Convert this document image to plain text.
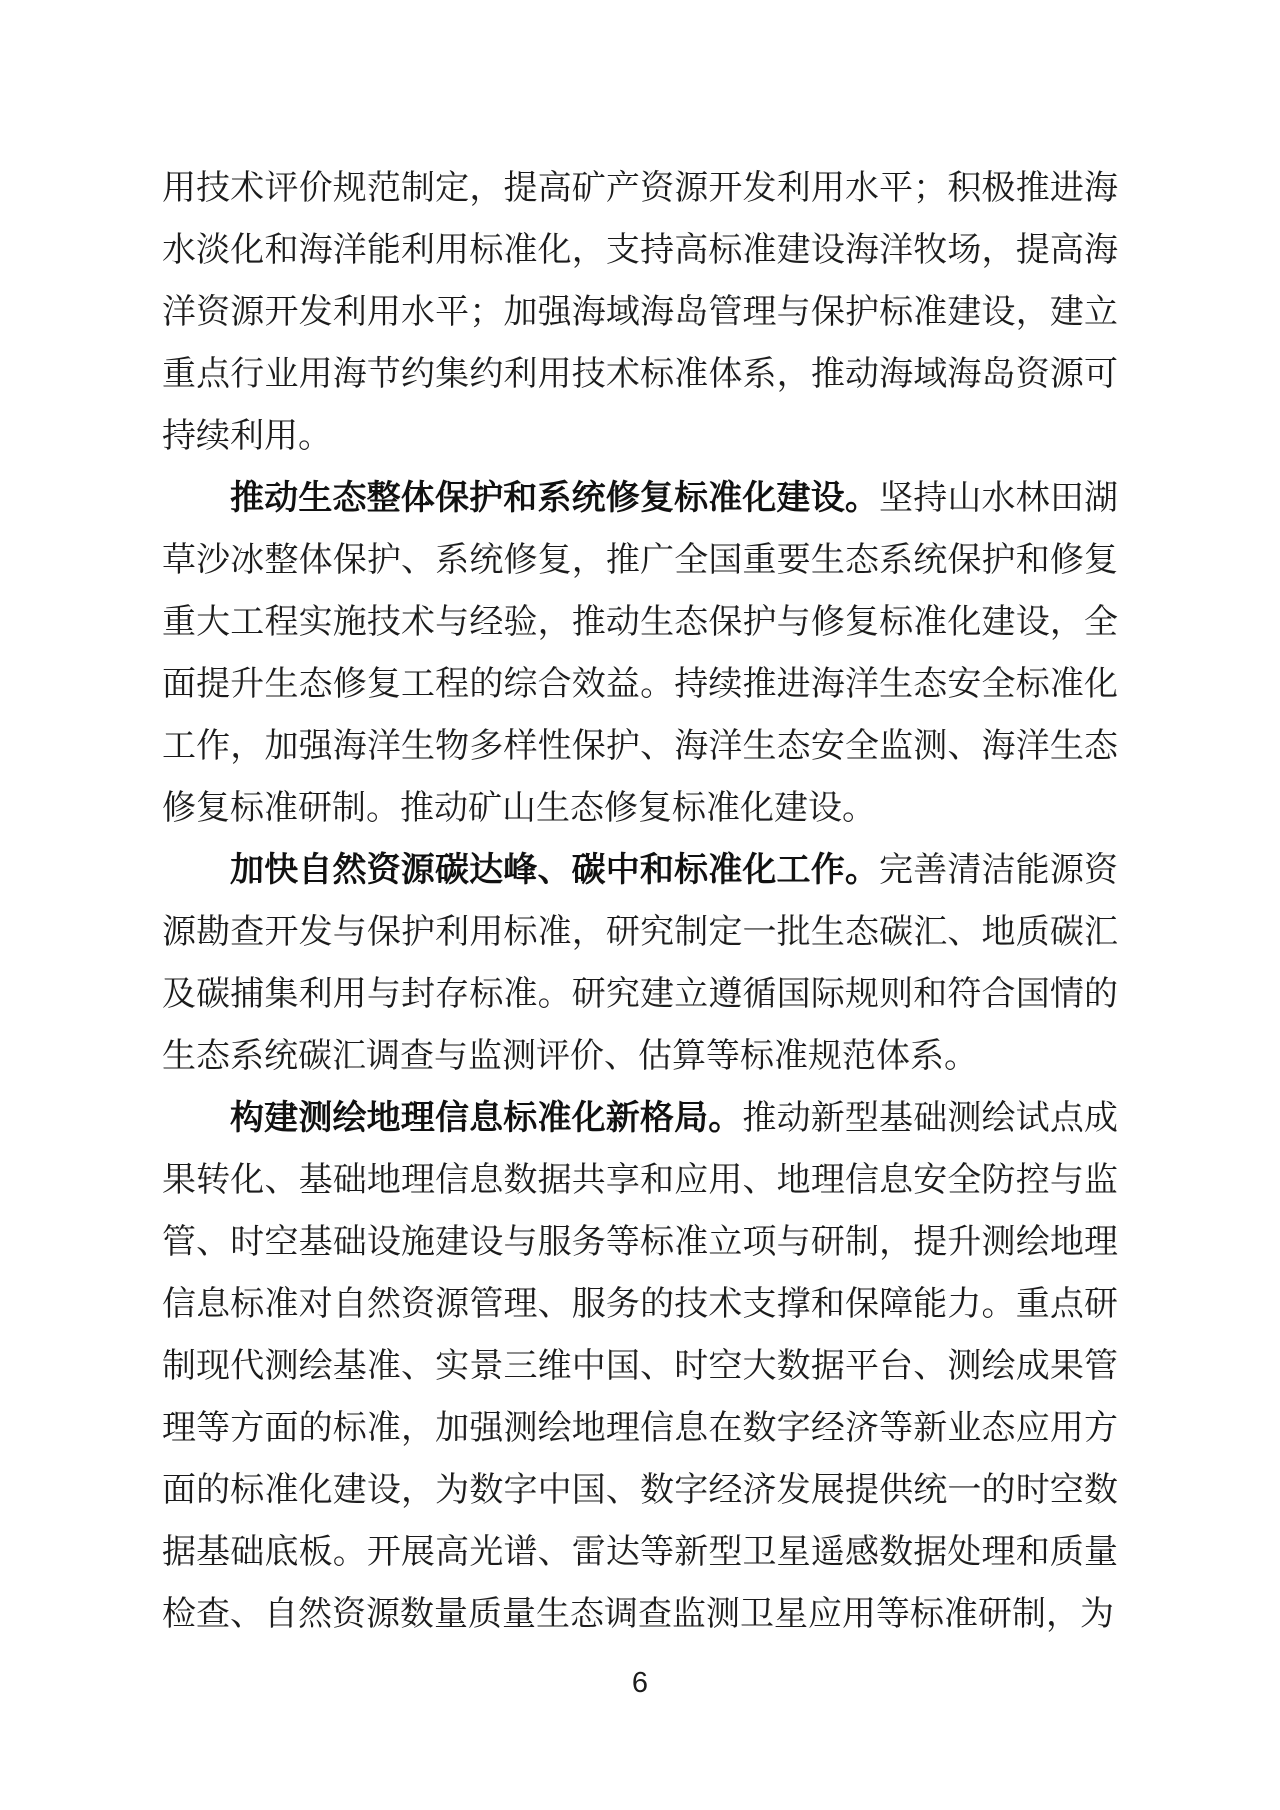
用技术评价规范制定，提高矿产资源开发利用水平；积极推进海水淡化和海洋能利用标准化，支持高标准建设海洋牧场，提高海洋资源开发利用水平；加强海域海岛管理与保护标准建设，建立重点行业用海节约集约利用技术标准体系，推动海域海岛资源可持续利用。

推动生态整体保护和系统修复标准化建设。坚持山水林田湖草沙冰整体保护、系统修复，推广全国重要生态系统保护和修复重大工程实施技术与经验，推动生态保护与修复标准化建设，全面提升生态修复工程的综合效益。持续推进海洋生态安全标准化工作，加强海洋生物多样性保护、海洋生态安全监测、海洋生态修复标准研制。推动矿山生态修复标准化建设。

加快自然资源碳达峰、碳中和标准化工作。完善清洁能源资源勘查开发与保护利用标准，研究制定一批生态碳汇、地质碳汇及碳捕集利用与封存标准。研究建立遵循国际规则和符合国情的生态系统碳汇调查与监测评价、估算等标准规范体系。

构建测绘地理信息标准化新格局。推动新型基础测绘试点成果转化、基础地理信息数据共享和应用、地理信息安全防控与监管、时空基础设施建设与服务等标准立项与研制，提升测绘地理信息标准对自然资源管理、服务的技术支撑和保障能力。重点研制现代测绘基准、实景三维中国、时空大数据平台、测绘成果管理等方面的标准，加强测绘地理信息在数字经济等新业态应用方面的标准化建设，为数字中国、数字经济发展提供统一的时空数据基础底板。开展高光谱、雷达等新型卫星遥感数据处理和质量检查、自然资源数量质量生态调查监测卫星应用等标准研制，为

6
